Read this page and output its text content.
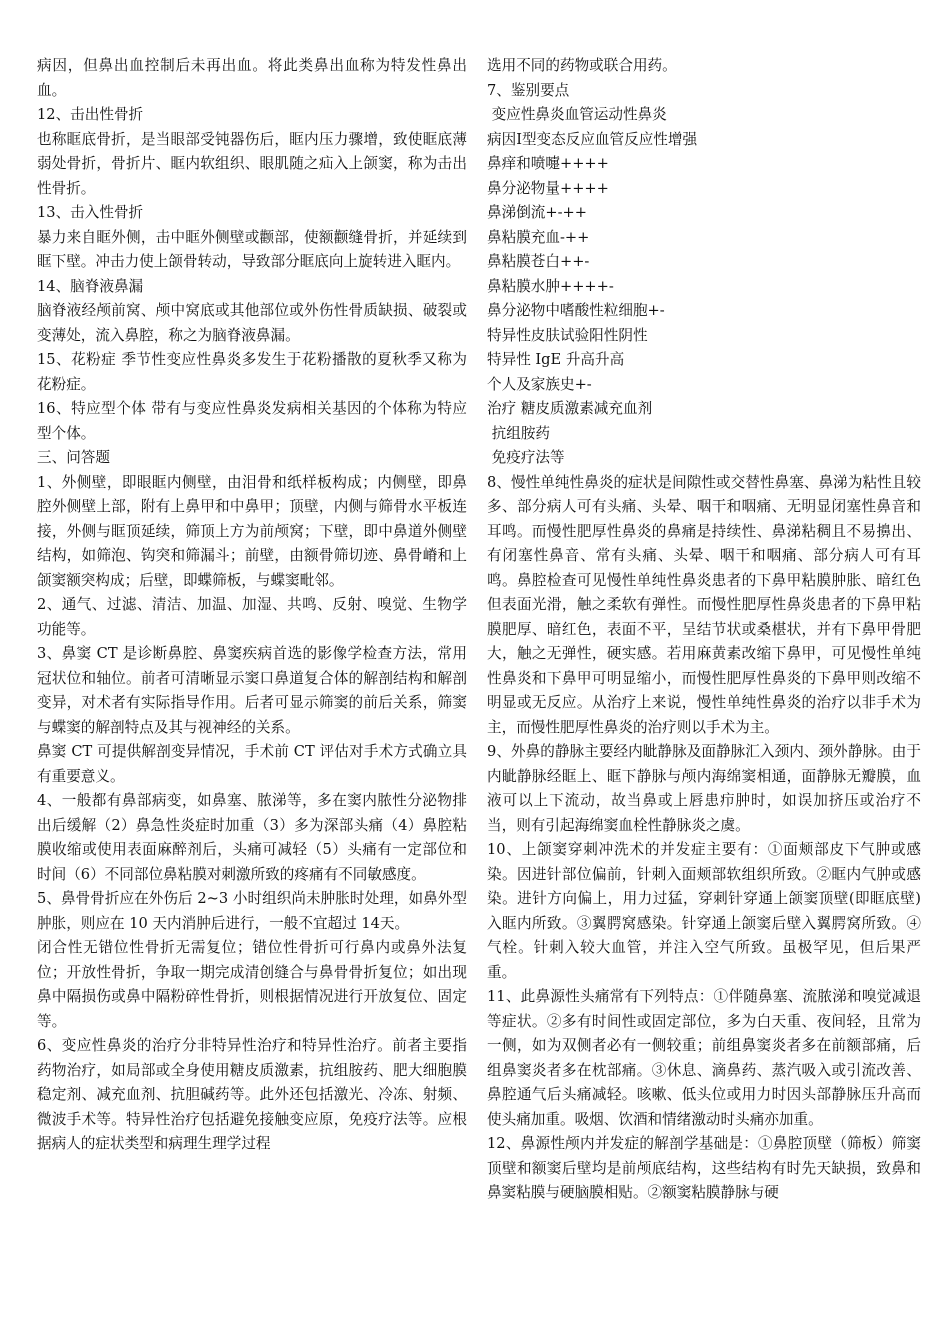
病因，但鼻出血控制后未再出血。将此类鼻出血称为特发性鼻出血。

12、击出性骨折

也称眶底骨折，是当眼部受钝器伤后，眶内压力骤增，致使眶底薄弱处骨折，骨折片、眶内软组织、眼肌随之疝入上颌窦，称为击出性骨折。

13、击入性骨折

暴力来自眶外侧，击中眶外侧壁或颧部，使额颧缝骨折，并延续到眶下壁。冲击力使上颌骨转动，导致部分眶底向上旋转进入眶内。

14、脑脊液鼻漏

脑脊液经颅前窝、颅中窝底或其他部位或外伤性骨质缺损、破裂或变薄处，流入鼻腔，称之为脑脊液鼻漏。

15、花粉症 季节性变应性鼻炎多发生于花粉播散的夏秋季又称为花粉症。

16、特应型个体 带有与变应性鼻炎发病相关基因的个体称为特应型个体。

三、问答题

1、外侧壁，即眼眶内侧壁，由泪骨和纸样板构成；内侧壁，即鼻腔外侧壁上部，附有上鼻甲和中鼻甲；顶壁，内侧与筛骨水平板连接，外侧与眶顶延续，筛顶上方为前颅窝；下壁，即中鼻道外侧壁结构，如筛泡、钩突和筛漏斗；前壁，由额骨筛切迹、鼻骨嵴和上颌窦额突构成；后壁，即蝶筛板，与蝶窦毗邻。

2、通气、过滤、清洁、加温、加湿、共鸣、反射、嗅觉、生物学功能等。

3、鼻窦 CT 是诊断鼻腔、鼻窦疾病首选的影像学检查方法，常用冠状位和轴位。前者可清晰显示窦口鼻道复合体的解剖结构和解剖变异，对术者有实际指导作用。后者可显示筛窦的前后关系，筛窦与蝶窦的解剖特点及其与视神经的关系。

鼻窦 CT 可提供解剖变异情况，手术前 CT 评估对手术方式确立具有重要意义。

4、一般都有鼻部病变，如鼻塞、脓涕等，多在窦内脓性分泌物排出后缓解（2）鼻急性炎症时加重（3）多为深部头痛（4）鼻腔粘膜收缩或使用表面麻醉剂后，头痛可减轻（5）头痛有一定部位和时间（6）不同部位鼻粘膜对刺激所致的疼痛有不同敏感度。

5、鼻骨骨折应在外伤后 2~3 小时组织尚未肿胀时处理，如鼻外型肿胀，则应在 10 天内消肿后进行，一般不宜超过 14天。

闭合性无错位性骨折无需复位；错位性骨折可行鼻内或鼻外法复位；开放性骨折，争取一期完成清创缝合与鼻骨骨折复位；如出现鼻中隔损伤或鼻中隔粉碎性骨折，则根据情况进行开放复位、固定等。

6、变应性鼻炎的治疗分非特异性治疗和特异性治疗。前者主要指药物治疗，如局部或全身使用糖皮质激素，抗组胺药、肥大细胞膜稳定剂、减充血剂、抗胆碱药等。此外还包括激光、冷冻、射频、微波手术等。特异性治疗包括避免接触变应原，免疫疗法等。应根据病人的症状类型和病理生理学过程

选用不同的药物或联合用药。

7、鉴别要点

变应性鼻炎血管运动性鼻炎

病因Ⅰ型变态反应血管反应性增强

鼻痒和喷嚏++++

鼻分泌物量++++

鼻涕倒流+-++

鼻粘膜充血-++

鼻粘膜苍白++-

鼻粘膜水肿++++-

鼻分泌物中嗜酸性粒细胞+-

特异性皮肤试验阳性阴性

特异性 IgE 升高升高

个人及家族史+-

治疗 糖皮质激素减充血剂

抗组胺药

免疫疗法等

8、慢性单纯性鼻炎的症状是间隙性或交替性鼻塞、鼻涕为粘性且较多、部分病人可有头痛、头晕、咽干和咽痛、无明显闭塞性鼻音和耳鸣。而慢性肥厚性鼻炎的鼻痛是持续性、鼻涕粘稠且不易擤出、有闭塞性鼻音、常有头痛、头晕、咽干和咽痛、部分病人可有耳鸣。鼻腔检查可见慢性单纯性鼻炎患者的下鼻甲粘膜肿胀、暗红色但表面光滑，触之柔软有弹性。而慢性肥厚性鼻炎患者的下鼻甲粘膜肥厚、暗红色，表面不平，呈结节状或桑椹状，并有下鼻甲骨肥大，触之无弹性，硬实感。若用麻黄素改缩下鼻甲，可见慢性单纯性鼻炎和下鼻甲可明显缩小，而慢性肥厚性鼻炎的下鼻甲则改缩不明显或无反应。从治疗上来说，慢性单纯性鼻炎的治疗以非手术为主，而慢性肥厚性鼻炎的治疗则以手术为主。

9、外鼻的静脉主要经内眦静脉及面静脉汇入颈内、颈外静脉。由于内眦静脉经眶上、眶下静脉与颅内海绵窦相通，面静脉无瓣膜，血液可以上下流动，故当鼻或上唇患疖肿时，如误加挤压或治疗不当，则有引起海绵窦血栓性静脉炎之虞。

10、上颌窦穿刺冲洗术的并发症主要有：①面颊部皮下气肿或感染。因进针部位偏前，针刺入面颊部软组织所致。②眶内气肿或感染。进针方向偏上，用力过猛，穿刺针穿通上颌窦顶壁(即眶底壁)入眶内所致。③翼腭窝感染。针穿通上颌窦后壁入翼腭窝所致。④气栓。针刺入较大血管，并注入空气所致。虽极罕见，但后果严重。

11、此鼻源性头痛常有下列特点：①伴随鼻塞、流脓涕和嗅觉减退等症状。②多有时间性或固定部位，多为白天重、夜间轻，且常为一侧，如为双侧者必有一侧较重；前组鼻窦炎者多在前额部痛，后组鼻窦炎者多在枕部痛。③休息、滴鼻药、蒸汽吸入或引流改善、鼻腔通气后头痛减轻。咳嗽、低头位或用力时因头部静脉压升高而使头痛加重。吸烟、饮酒和情绪激动时头痛亦加重。

12、鼻源性颅内并发症的解剖学基础是：①鼻腔顶壁（筛板）筛窦顶壁和额窦后壁均是前颅底结构，这些结构有时先天缺损，致鼻和鼻窦粘膜与硬脑膜相贴。②额窦粘膜静脉与硬
